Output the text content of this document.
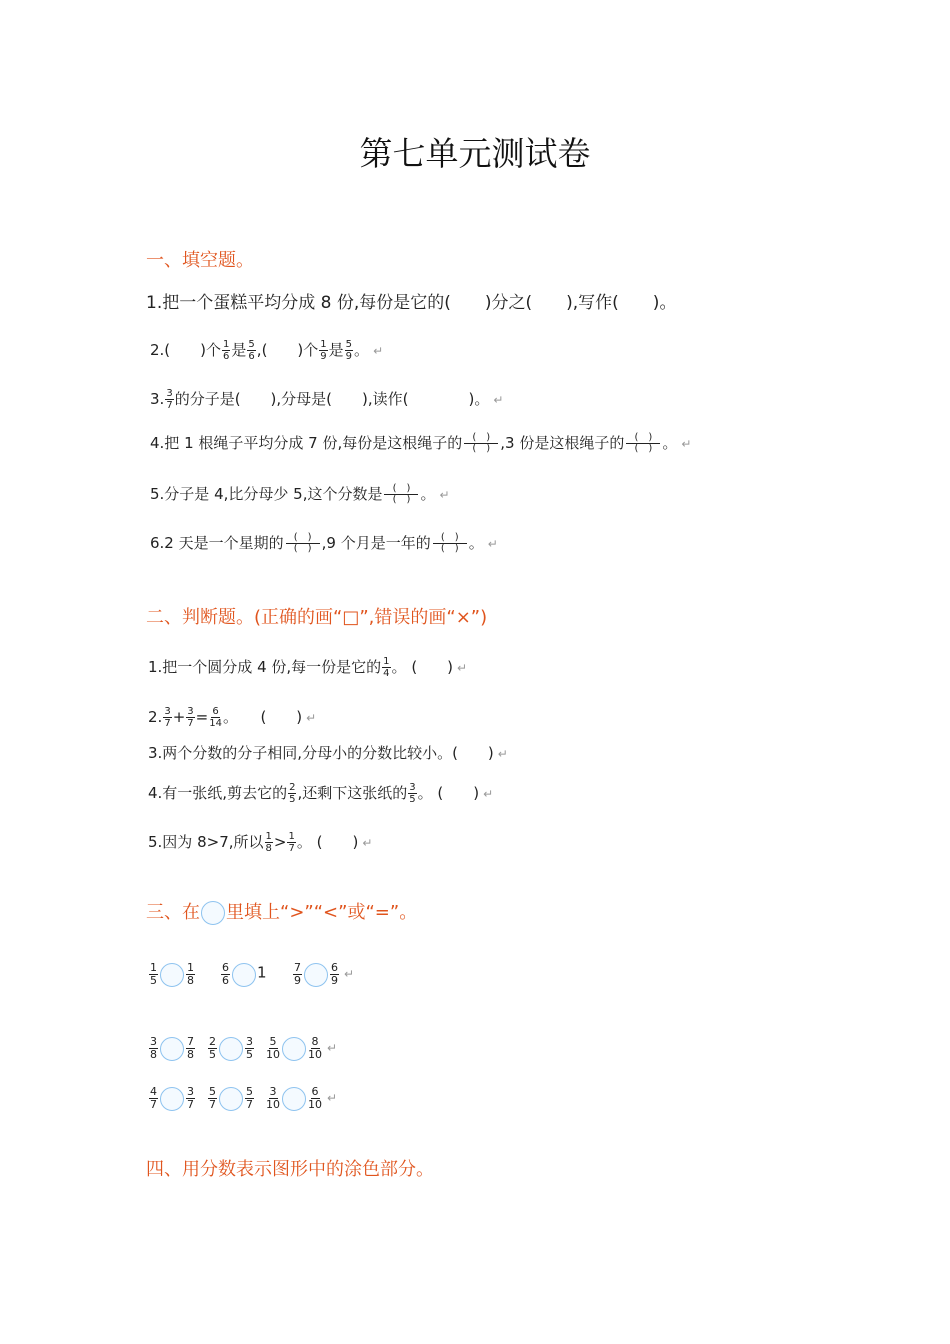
第七单元测试卷
一、填空题。
1.把一个蛋糕平均分成 8 份,每份是它的(　　)分之(　　),写作(　　)。
2.(　　)个 $\frac{1}{6}$ 是 $\frac{5}{6}$ ,(　　)个 $\frac{1}{9}$ 是 $\frac{5}{9}$ 。 ↵
3. $\frac{3}{7}$ 的分子是(　　),分母是(　　),读作(　　　　)。 ↵
4.把 1 根绳子平均分成 7 份,每份是这根绳子的	(　)
(　) ,3 份是这根绳子的	(　)
(　) 。 ↵
5.分子是 4,比分母少 5,这个分数是	(　)
(　) 。 ↵
6.2 天是一个星期的	(　)
(　) ,9 个月是一年的	(　)
(　) 。 ↵
二、判断题。(正确的画“□”,错误的画“×”)
1.把一个圆分成 4 份,每一份是它的 $\frac{1}{4}$ 。 (　　) ↵
2. $\frac{3}{7} + \frac{3}{7} = \frac{6}{14}$ 。　　(　　) ↵
3.两个分数的分子相同,分母小的分数比较小。(　　) ↵
4.有一张纸,剪去它的 $\frac{2}{5}$ ,还剩下这张纸的 $\frac{3}{5}$ 。 (　　) ↵
5.因为 8>7,所以 $\frac{1}{8} > \frac{1}{7}$ 。 (　　) ↵
三、在 里填上“>”“<”或“=”。
$\frac{1}{5}$	$\frac{1}{8} \frac{6}{6} 1 \frac{7}{9}$	$\frac{6}{9}$ ↵
$\frac{3}{8}$	$\frac{7}{8} \frac{2}{5}$	$\frac{3}{5} \frac{5}{10}$	$\frac{8}{10}$ ↵
$\frac{4}{7}$	$\frac{3}{7} \frac{5}{7}$	$\frac{5}{7} \frac{3}{10}$	$\frac{6}{10}$ ↵
四、用分数表示图形中的涂色部分。
